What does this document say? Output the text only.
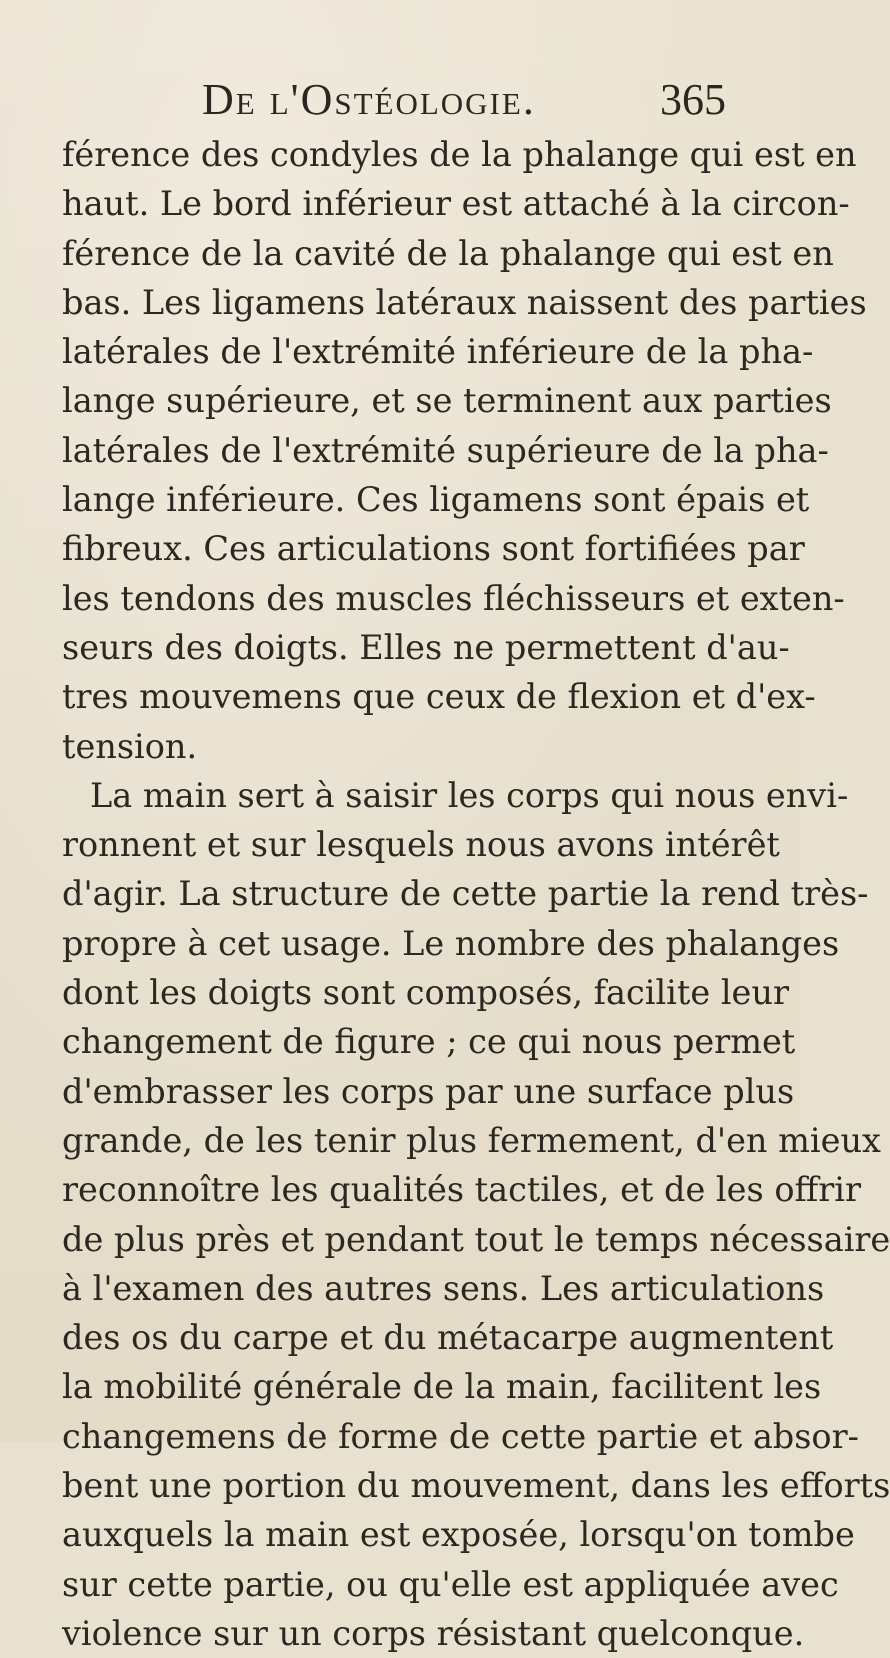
De l'Ostéologie.	365
férence des condyles de la phalange qui est en
haut. Le bord inférieur est attaché à la circon-
férence de la cavité de la phalange qui est en
bas. Les ligamens latéraux naissent des parties
latérales de l'extrémité inférieure de la pha-
lange supérieure, et se terminent aux parties
latérales de l'extrémité supérieure de la pha-
lange inférieure. Ces ligamens sont épais et
fibreux. Ces articulations sont fortifiées par
les tendons des muscles fléchisseurs et exten-
seurs des doigts. Elles ne permettent d'au-
tres mouvemens que ceux de flexion et d'ex-
tension.
La main sert à saisir les corps qui nous envi-
ronnent et sur lesquels nous avons intérêt
d'agir. La structure de cette partie la rend très-
propre à cet usage. Le nombre des phalanges
dont les doigts sont composés, facilite leur
changement de figure ; ce qui nous permet
d'embrasser les corps par une surface plus
grande, de les tenir plus fermement, d'en mieux
reconnoître les qualités tactiles, et de les offrir
de plus près et pendant tout le temps nécessaire
à l'examen des autres sens. Les articulations
des os du carpe et du métacarpe augmentent
la mobilité générale de la main, facilitent les
changemens de forme de cette partie et absor-
bent une portion du mouvement, dans les efforts
auxquels la main est exposée, lorsqu'on tombe
sur cette partie, ou qu'elle est appliquée avec
violence sur un corps résistant quelconque.
